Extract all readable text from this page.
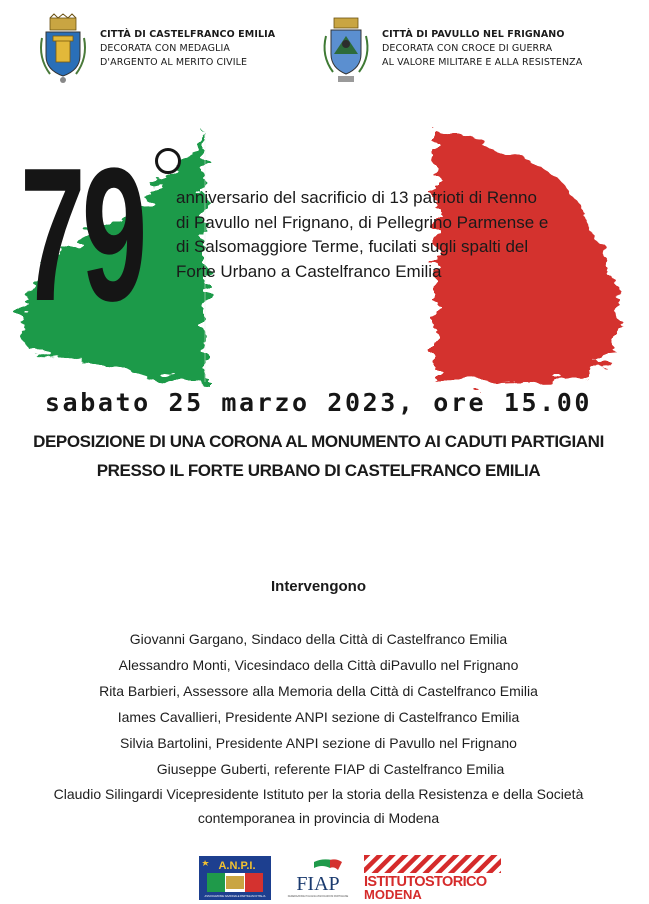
CITTÀ DI CASTELFRANCO EMILIA
DECORATA CON MEDAGLIA
D'ARGENTO AL MERITO CIVILE
CITTÀ DI PAVULLO NEL FRIGNANO
DECORATA CON CROCE DI GUERRA
AL VALORE MILITARE E ALLA RESISTENZA
79 anniversario del sacrificio di 13 patrioti di Renno
di Pavullo nel Frignano, di Pellegrino Parmense e
di Salsomaggiore Terme, fucilati sugli spalti del
Forte Urbano a Castelfranco Emilia
sabato 25 marzo 2023, ore 15.00
DEPOSIZIONE DI UNA CORONA AL MONUMENTO AI CADUTI PARTIGIANI
PRESSO IL FORTE URBANO DI CASTELFRANCO EMILIA
Intervengono
Giovanni Gargano, Sindaco della Città di Castelfranco Emilia
Alessandro Monti, Vicesindaco della Città diPavullo nel Frignano
Rita Barbieri, Assessore alla Memoria della Città di Castelfranco Emilia
Iames Cavallieri, Presidente ANPI sezione di Castelfranco Emilia
Silvia Bartolini, Presidente ANPI sezione di Pavullo nel Frignano
Giuseppe Guberti, referente FIAP di Castelfranco Emilia
Claudio Silingardi Vicepresidente Istituto per la storia della Resistenza e della Società
contemporanea in provincia di Modena
A.N.P.I.
ASSOCIAZIONE NAZIONALE PARTIGIANI D'ITALIA
FIAP
FEDERAZIONE ITALIANA ASSOCIAZIONI PARTIGIANE
ISTITUTOSTORICO
MODENA
